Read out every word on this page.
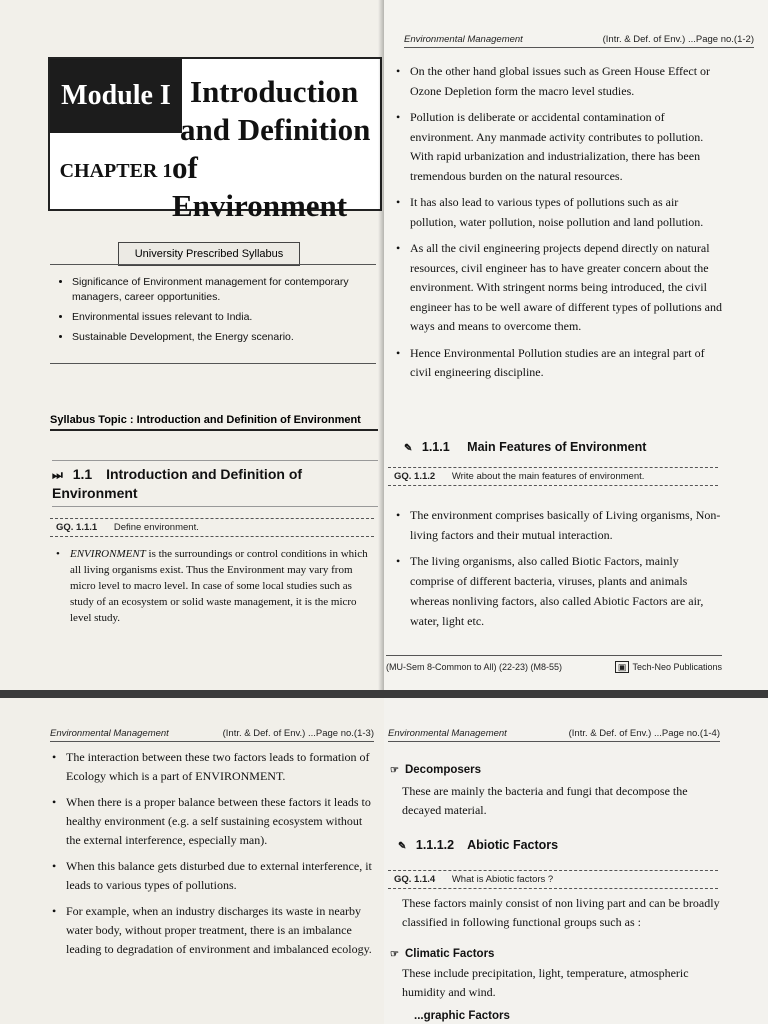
Module I
CHAPTER 1
Introduction
and Definition
of Environment
University Prescribed Syllabus
• Significance of Environment management for contemporary managers, career opportunities.
• Environmental issues relevant to India.
• Sustainable Development, the Energy scenario.
Syllabus Topic : Introduction and Definition of Environment
⏭ 1.1 Introduction and Definition of Environment
GQ. 1.1.1 Define environment.
• ENVIRONMENT is the surroundings or control conditions in which all living organisms exist. Thus the Environment may vary from micro level to macro level. In case of some local studies such as study of an ecosystem or solid waste management, it is the micro level study.
Environmental Management	(Intr. & Def. of Env.) ...Page no.(1-2)
• On the other hand global issues such as Green House Effect or Ozone Depletion form the macro level studies.
• Pollution is deliberate or accidental contamination of environment. Any manmade activity contributes to pollution. With rapid urbanization and industrialization, there has been tremendous burden on the natural resources.
• It has also lead to various types of pollutions such as air pollution, water pollution, noise pollution and land pollution.
• As all the civil engineering projects depend directly on natural resources, civil engineer has to have greater concern about the environment. With stringent norms being introduced, the civil engineer has to be well aware of different types of pollutions and ways and means to overcome them.
• Hence Environmental Pollution studies are an integral part of civil engineering discipline.
✎ 1.1.1 Main Features of Environment
GQ. 1.1.2 Write about the main features of environment.
• The environment comprises basically of Living organisms, Non-living factors and their mutual interaction.
• The living organisms, also called Biotic Factors, mainly comprise of different bacteria, viruses, plants and animals whereas nonliving factors, also called Abiotic Factors are air, water, light etc.
(MU-Sem 8-Common to All) (22-23) (M8-55)	▣ Tech-Neo Publications
Environmental Management	(Intr. & Def. of Env.) ...Page no.(1-3)
• The interaction between these two factors leads to formation of Ecology which is a part of ENVIRONMENT.
• When there is a proper balance between these factors it leads to healthy environment (e.g. a self sustaining ecosystem without the external interference, especially man).
• When this balance gets disturbed due to external interference, it leads to various types of pollutions.
• For example, when an industry discharges its waste in nearby water body, without proper treatment, there is an imbalance leading to degradation of environment and imbalanced ecology.
Environmental Management	(Intr. & Def. of Env.) ...Page no.(1-4)
☞ Decomposers
These are mainly the bacteria and fungi that decompose the decayed material.
✎ 1.1.1.2 Abiotic Factors
GQ. 1.1.4 What is Abiotic factors ?
These factors mainly consist of non living part and can be broadly classified in following functional groups such as :
☞ Climatic Factors
These include precipitation, light, temperature, atmospheric humidity and wind.
...graphic Factors
